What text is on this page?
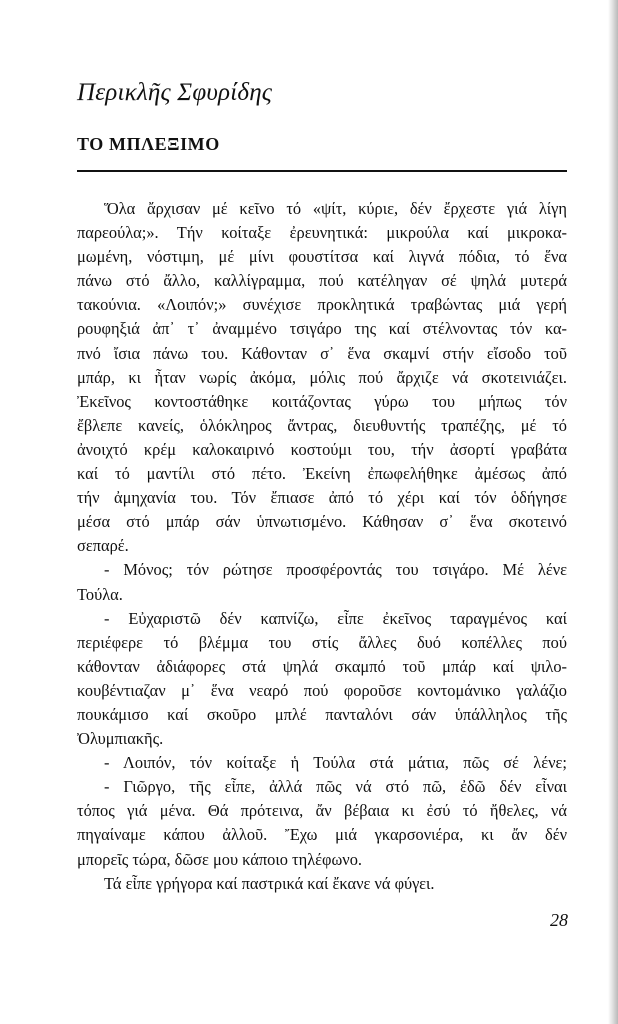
Περικλῆς Σφυρίδης
ΤΟ ΜΠΛΕΞΙΜΟ
Ὅλα ἄρχισαν μέ κεῖνο τό «ψίτ, κύριε, δέν ἔρχεστε γιά λίγη
παρεούλα;». Τήν κοίταξε ἐρευνητικά: μικρούλα καί μικροκα-
μωμένη, νόστιμη, μέ μίνι φουστίτσα καί λιγνά πόδια, τό ἕνα
πάνω στό ἄλλο, καλλίγραμμα, πού κατέληγαν σέ ψηλά μυτερά
τακούνια. «Λοιπόν;» συνέχισε προκλητικά τραβώντας μιά γερή
ρουφηξιά ἀπ᾽ τ᾽ ἀναμμένο τσιγάρο της καί στέλνοντας τόν κα-
πνό ἴσια πάνω του. Κάθονταν σ᾽ ἕνα σκαμνί στήν εἴσοδο τοῦ
μπάρ, κι ἦταν νωρίς ἀκόμα, μόλις πού ἄρχιζε νά σκοτεινιάζει.
Ἐκεῖνος κοντοστάθηκε κοιτάζοντας γύρω του μήπως τόν
ἔβλεπε κανείς, ὁλόκληρος ἄντρας, διευθυντής τραπέζης, μέ τό
ἀνοιχτό κρέμ καλοκαιρινό κοστούμι του, τήν ἀσορτί γραβάτα
καί τό μαντίλι στό πέτο. Ἐκείνη ἐπωφελήθηκε ἀμέσως ἀπό
τήν ἀμηχανία του. Τόν ἔπιασε ἀπό τό χέρι καί τόν ὁδήγησε
μέσα στό μπάρ σάν ὑπνωτισμένο. Κάθησαν σ᾽ ἕνα σκοτεινό
σεπαρέ.
- Μόνος; τόν ρώτησε προσφέροντάς του τσιγάρο. Μέ λένε
Τούλα.
- Εὐχαριστῶ δέν καπνίζω, εἶπε ἐκεῖνος ταραγμένος καί
περιέφερε τό βλέμμα του στίς ἄλλες δυό κοπέλλες πού
κάθονταν ἀδιάφορες στά ψηλά σκαμπό τοῦ μπάρ καί ψιλο-
κουβέντιαζαν μ᾽ ἕνα νεαρό πού φοροῦσε κοντομάνικο γαλάζιο
πουκάμισο καί σκοῦρο μπλέ πανταλόνι σάν ὑπάλληλος τῆς
Ὀλυμπιακῆς.
- Λοιπόν, τόν κοίταξε ἡ Τούλα στά μάτια, πῶς σέ λένε;
- Γιῶργο, τῆς εἶπε, ἀλλά πῶς νά στό πῶ, ἐδῶ δέν εἶναι
τόπος γιά μένα. Θά πρότεινα, ἄν βέβαια κι ἐσύ τό ἤθελες, νά
πηγαίναμε κάπου ἀλλοῦ. Ἔχω μιά γκαρσονιέρα, κι ἄν δέν
μπορεῖς τώρα, δῶσε μου κάποιο τηλέφωνο.
Τά εἶπε γρήγορα καί παστρικά καί ἔκανε νά φύγει.
28
